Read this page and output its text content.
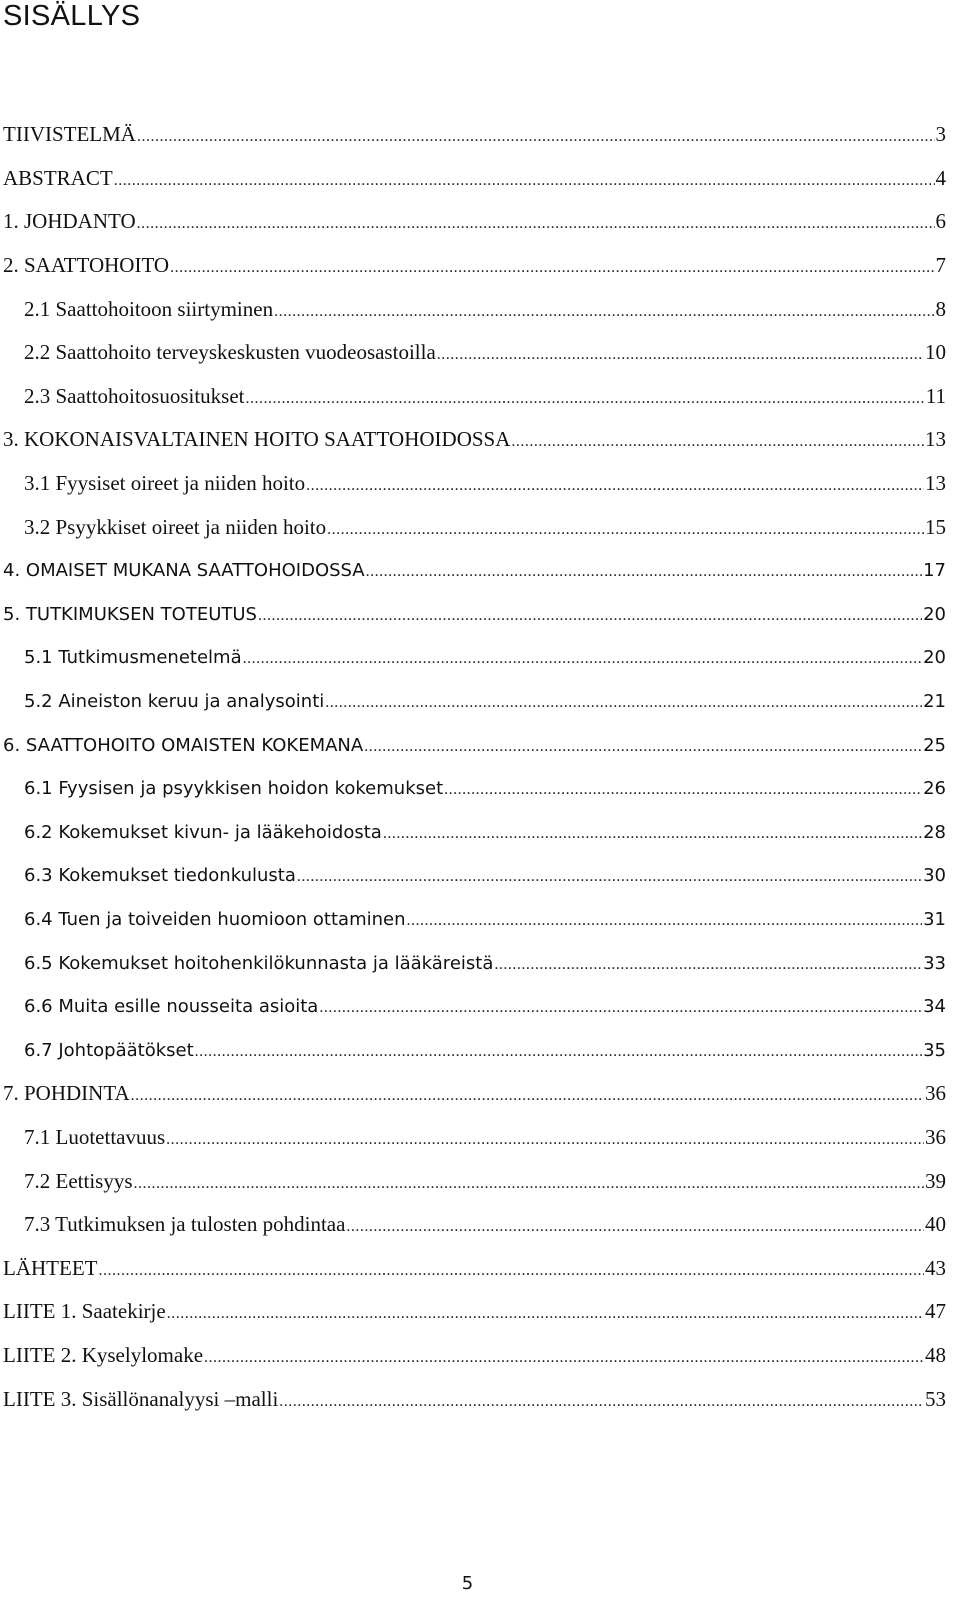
SISÄLLYS
TIIVISTELMÄ .....	3
ABSTRACT .....	4
1. JOHDANTO .....	6
2. SAATTOHOITO .....	7
2.1 Saattohoitoon siirtyminen .....	8
2.2 Saattohoito terveyskeskusten vuodeosastoilla .....	10
2.3 Saattohoitosuositukset .....	11
3. KOKONAISVALTAINEN HOITO SAATTOHOIDOSSA .....	13
3.1 Fyysiset oireet ja niiden hoito .....	13
3.2 Psyykkiset oireet ja niiden hoito .....	15
4. OMAISET MUKANA SAATTOHOIDOSSA .....	17
5. TUTKIMUKSEN TOTEUTUS .....	20
5.1 Tutkimusmenetelmä .....	20
5.2 Aineiston keruu ja analysointi .....	21
6. SAATTOHOITO OMAISTEN KOKEMANA .....	25
6.1 Fyysisen ja psyykkisen hoidon kokemukset .....	26
6.2 Kokemukset kivun- ja lääkehoidosta .....	28
6.3 Kokemukset tiedonkulusta .....	30
6.4 Tuen ja toiveiden huomioon ottaminen .....	31
6.5 Kokemukset hoitohenkilökunnasta ja lääkäreistä .....	33
6.6 Muita esille nousseita asioita .....	34
6.7 Johtopäätökset .....	35
7. POHDINTA .....	36
7.1 Luotettavuus .....	36
7.2 Eettisyys .....	39
7.3 Tutkimuksen ja tulosten pohdintaa .....	40
LÄHTEET .....	43
LIITE 1. Saatekirje .....	47
LIITE 2. Kyselylomake .....	48
LIITE 3. Sisällönanalyysi –malli .....	53
5
